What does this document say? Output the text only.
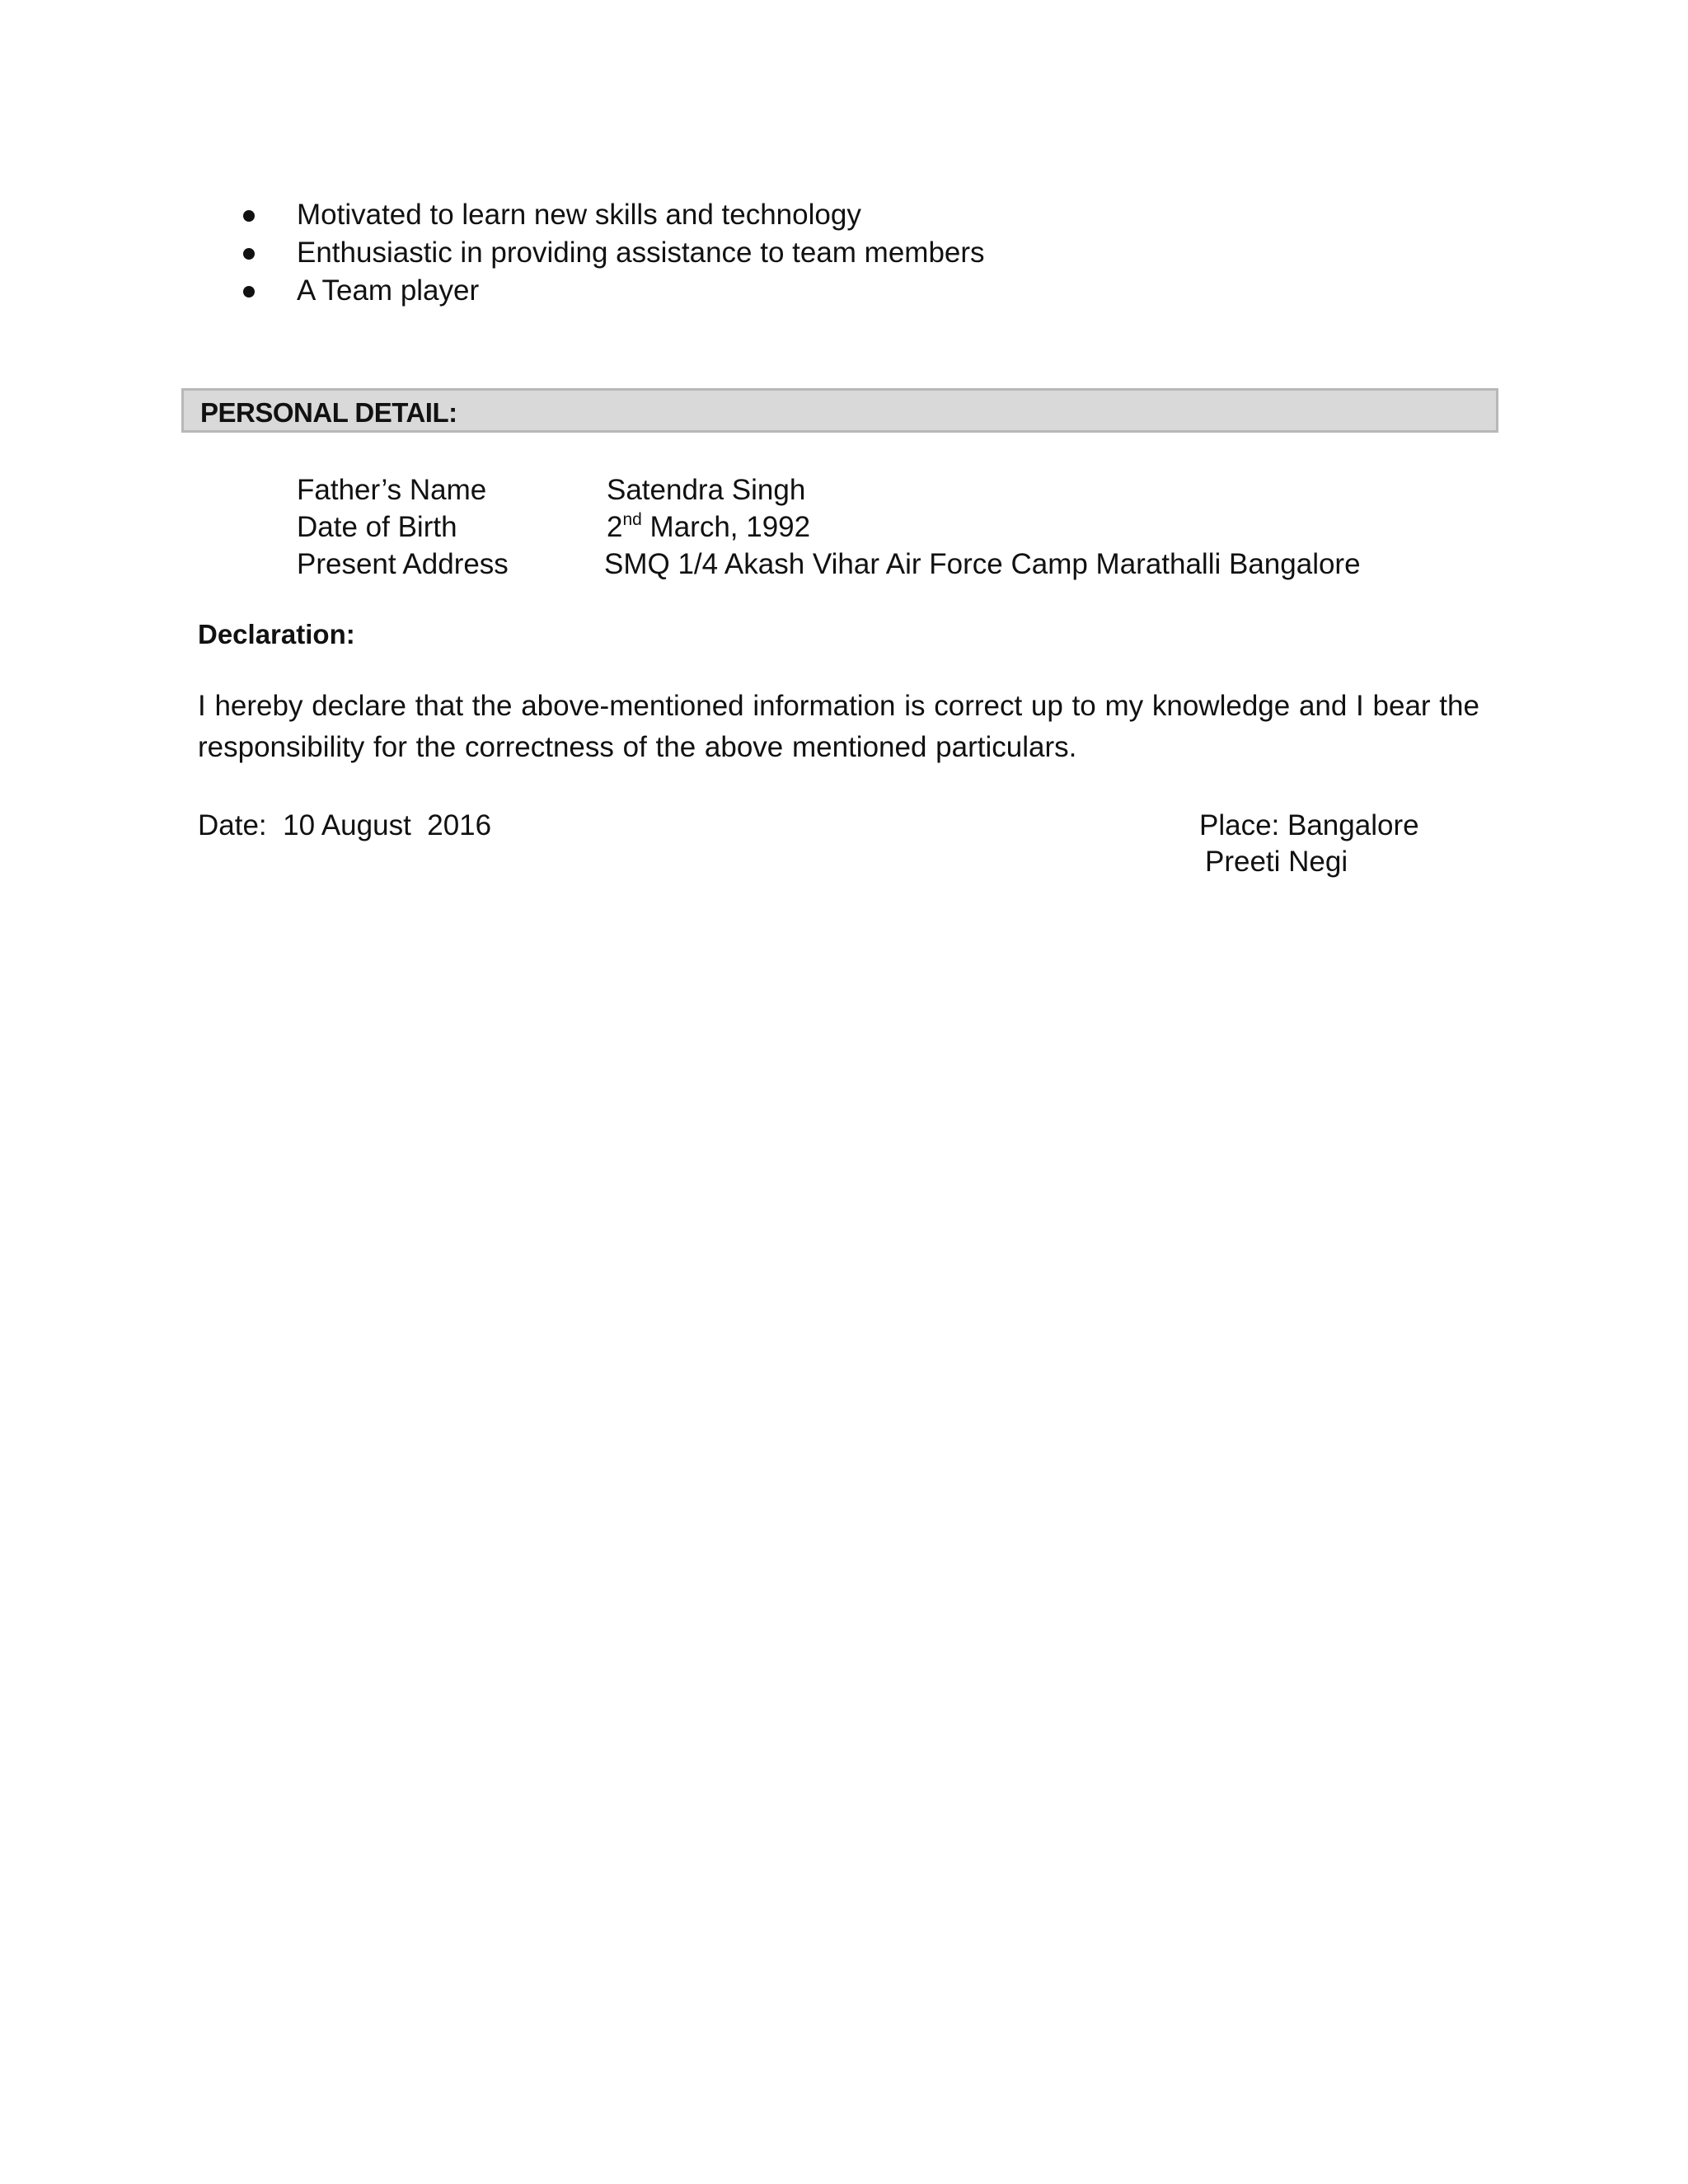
Motivated to learn new skills and technology
Enthusiastic in providing assistance to team members
A Team player
PERSONAL DETAIL:
Father’s Name	Satendra Singh
Date of Birth	2nd March, 1992
Present Address	SMQ 1/4 Akash Vihar Air Force Camp Marathalli Bangalore
Declaration:
I hereby declare that the above-mentioned information is correct up to my knowledge and I bear the responsibility for the correctness of the above mentioned particulars.
Date:  10 August  2016	Place: Bangalore
Preeti Negi
